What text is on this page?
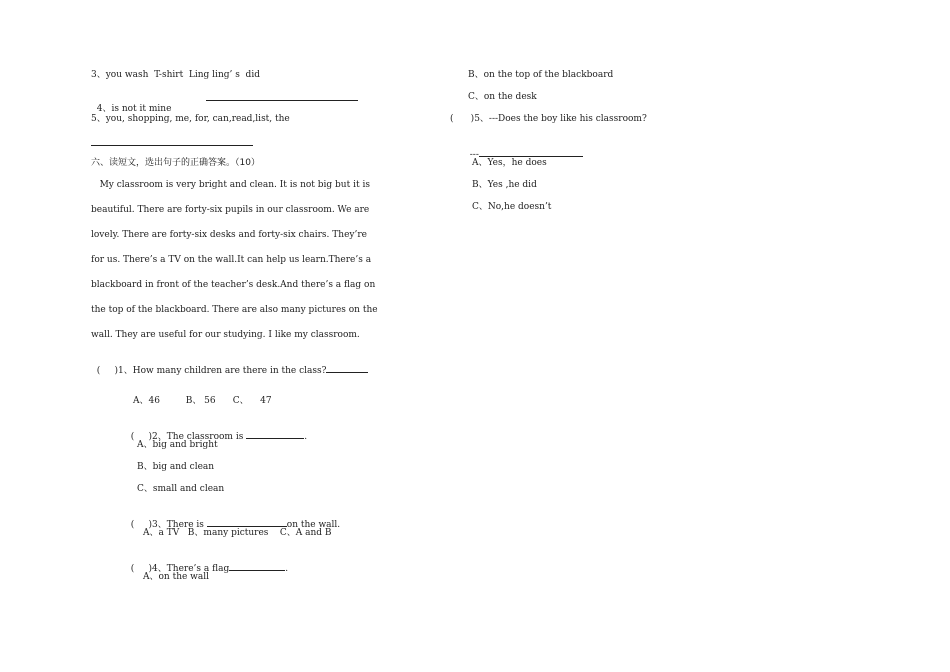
3、you wash  T-shirt  Ling ling’ s  did

4、is not it mine

5、you, shopping, me, for, can,read,list, the
六、读短文，选出句子的正确答案。（10）
My classroom is very bright and clean. It is not big but it is
beautiful. There are forty-six pupils in our classroom. We are
lovely. There are forty-six desks and forty-six chairs. They’re
for us. There’s a TV on the wall.It can help us learn.There’s a
blackboard in front of the teacher’s desk.And there’s a flag on
the top of the blackboard. There are also many pictures on the
wall. They are useful for our studying. I like my classroom.

(     )1、How many children are there in the class?

A、46         B、 56      C、    47

(     )2、The classroom is	.

A、big and bright
B、big and clean
C、small and clean

(     )3、There is	on the wall.

A、a TV   B、many pictures    C、A and B

(     )4、There’s a flag	.

A、on the wall
B、on the top of the blackboard
C、on the desk
(      )5、---Does the boy like his classroom?

---

A、Yes，he does
B、Yes ,he did
C、No,he doesn’t
